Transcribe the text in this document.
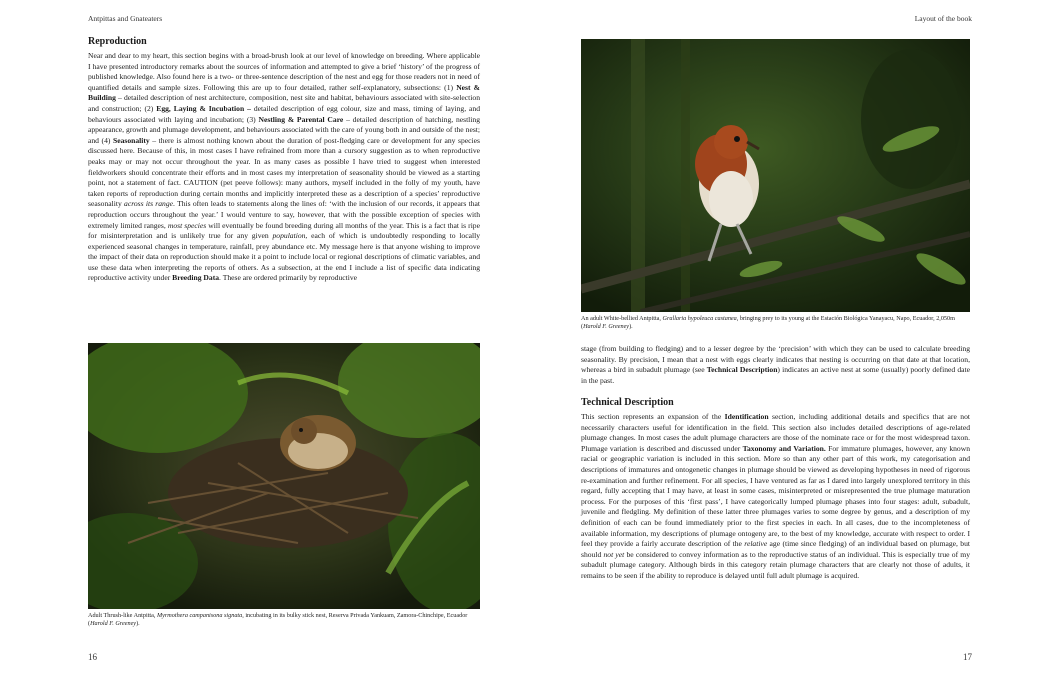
Antpittas and Gnateaters
Reproduction
Near and dear to my heart, this section begins with a broad-brush look at our level of knowledge on breeding. Where applicable I have presented introductory remarks about the sources of information and attempted to give a brief ‘history’ of the progress of published knowledge. Also found here is a two- or three-sentence description of the nest and egg for those readers not in need of quantified details and sample sizes. Following this are up to four detailed, rather self-explanatory, subsections: (1) Nest & Building – detailed description of nest architecture, composition, nest site and habitat, behaviours associated with site-selection and construction; (2) Egg, Laying & Incubation – detailed description of egg colour, size and mass, timing of laying, and behaviours associated with laying and incubation; (3) Nestling & Parental Care – detailed description of hatching, nestling appearance, growth and plumage development, and behaviours associated with the care of young both in and outside of the nest; and (4) Seasonality – there is almost nothing known about the duration of post-fledging care or development for any species discussed here. Because of this, in most cases I have refrained from more than a cursory suggestion as to when reproductive peaks may or may not occur throughout the year. In as many cases as possible I have tried to suggest when interested fieldworkers should concentrate their efforts and in most cases my interpretation of seasonality should be viewed as a starting point, not a statement of fact. CAUTION (pet peeve follows): many authors, myself included in the folly of my youth, have taken reports of reproduction during certain months and implicitly interpreted these as a description of a species’ reproductive seasonality across its range. This often leads to statements along the lines of: ‘with the inclusion of our records, it appears that reproduction occurs throughout the year.’ I would venture to say, however, that with the possible exception of species with extremely limited ranges, most species will eventually be found breeding during all months of the year. This is a fact that is ripe for misinterpretation and is unlikely true for any given population, each of which is undoubtedly responding to locally experienced seasonal changes in temperature, rainfall, prey abundance etc. My message here is that anyone wishing to improve the impact of their data on reproduction should make it a point to include local or regional descriptions of climatic variables, and use these data when interpreting the reports of others. As a subsection, at the end I include a list of specific data indicating reproductive activity under Breeding Data. These are ordered primarily by reproductive
Adult Thrush-like Antpitta, Myrmothera campanisona signata, incubating in its bulky stick nest, Reserva Privada Yankuam, Zamora-Chinchipe, Ecuador (Harold F. Greeney).
16
Layout of the book
An adult White-bellied Antpitta, Grallaria hypoleuca castanea, bringing prey to its young at the Estación Biológica Yanayacu, Napo, Ecuador, 2,050m (Harold F. Greeney).
stage (from building to fledging) and to a lesser degree by the ‘precision’ with which they can be used to calculate breeding seasonality. By precision, I mean that a nest with eggs clearly indicates that nesting is occurring on that date at that location, whereas a bird in subadult plumage (see Technical Description) indicates an active nest at some (usually) poorly defined date in the past.
Technical Description
This section represents an expansion of the Identification section, including additional details and specifics that are not necessarily characters useful for identification in the field. This section also includes detailed descriptions of age-related plumage changes. In most cases the adult plumage characters are those of the nominate race or for the most widespread taxon. Plumage variation is described and discussed under Taxonomy and Variation. For immature plumages, however, any known racial or geographic variation is included in this section. More so than any other part of this work, my categorisation and descriptions of immatures and ontogenetic changes in plumage should be viewed as developing hypotheses in need of rigorous re-examination and further refinement. For all species, I have ventured as far as I dared into largely unexplored territory in this regard, fully accepting that I may have, at least in some cases, misinterpreted or misrepresented the true plumage maturation process. For the purposes of this ‘first pass’, I have categorically lumped plumage phases into four stages: adult, subadult, juvenile and fledgling. My definition of these latter three plumages varies to some degree by genus, and a description of my definition of each can be found immediately prior to the first species in each. In all cases, due to the incompleteness of available information, my descriptions of plumage ontogeny are, to the best of my knowledge, accurate with respect to order. I feel they provide a fairly accurate description of the relative age (time since fledging) of an individual based on plumage, but should not yet be considered to convey information as to the reproductive status of an individual. This is especially true of my subadult plumage category. Although birds in this category retain plumage characters that are clearly not those of adults, it remains to be seen if the ability to reproduce is delayed until full adult plumage is acquired.
17
